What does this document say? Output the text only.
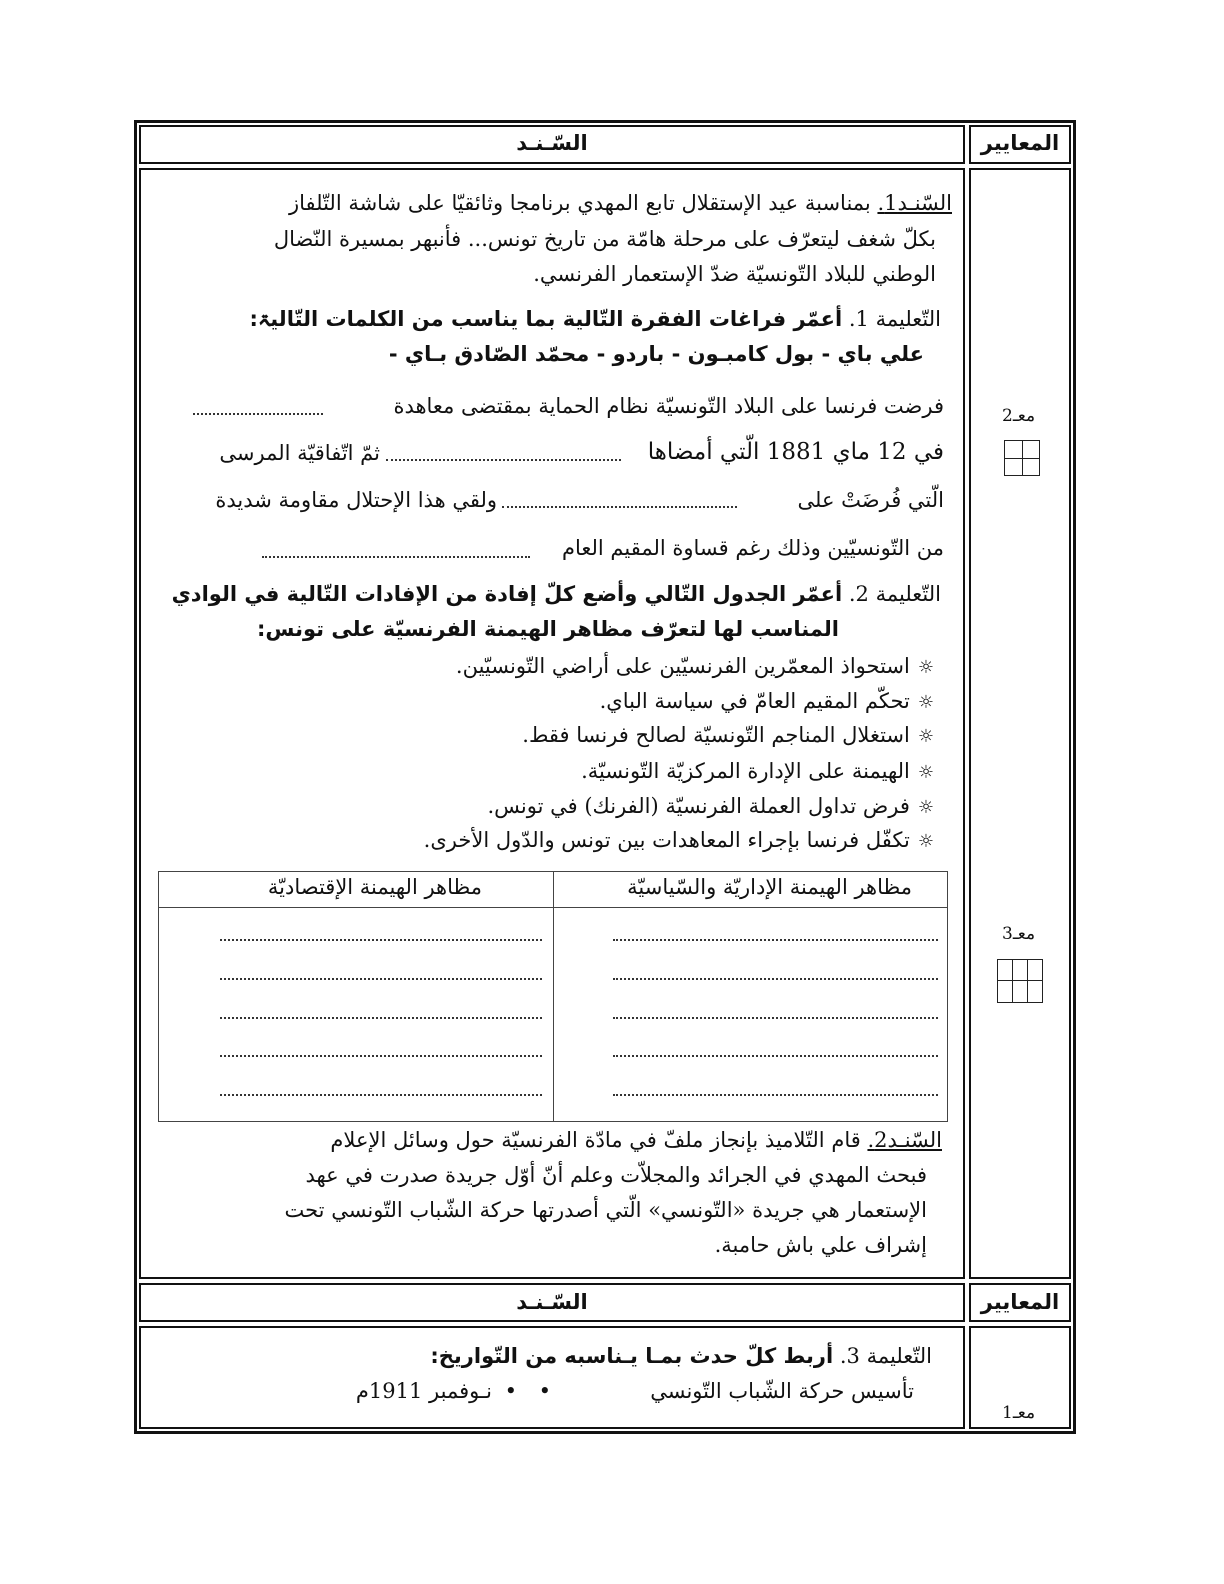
المعايير
السّـنـد
السّنـد1. بمناسبة عيد الإستقلال تابع المهدي برنامجا وثائقيّا على شاشة التّلفاز
بكلّ شغف ليتعرّف على مرحلة هامّة من تاريخ تونس... فأنبهر بمسيرة النّضال
الوطني للبلاد التّونسيّة ضدّ الإستعمار الفرنسي.
التّعليمة 1. أعمّر فراغات الفقرة التّالية بما يناسب من الكلمات التّاليۃ:
علي باي - بول كامبـون - باردو - محمّد الصّادق بـاي -
فرضت فرنسا على البلاد التّونسيّة نظام الحماية بمقتضى معاهدة
في 12 ماي 1881 الّتي أمضاها
ثمّ اتّفاقيّة المرسى
الّتي فُرضَتْ على
ولقي هذا الإحتلال مقاومة شديدة
من التّونسيّين وذلك رغم قساوة المقيم العام
التّعليمة 2. أعمّر الجدول التّالي وأضع كلّ إفادة من الإفادات التّالية في الوادي
المناسب لها لتعرّف مظاهر الهيمنة الفرنسيّة على تونس:
☼استحواذ المعمّرين الفرنسيّين على أراضي التّونسيّين.
☼تحكّم المقيم العامّ في سياسة الباي.
☼استغلال المناجم التّونسيّة لصالح فرنسا فقط.
☼الهيمنة على الإدارة المركزيّة التّونسيّة.
☼فرض تداول العملة الفرنسيّة (الفرنك) في تونس.
☼تكفّل فرنسا بإجراء المعاهدات بين تونس والدّول الأخرى.
مظاهر الهيمنة الإداريّة والسّياسيّة
مظاهر الهيمنة الإقتصاديّة
السّنـد2. قام التّلاميذ بإنجاز ملفّ في مادّة الفرنسيّة حول وسائل الإعلام
فبحث المهدي في الجرائد والمجلاّت وعلم أنّ أوّل جريدة صدرت في عهد
الإستعمار هي جريدة «التّونسي» الّتي أصدرتها حركة الشّباب التّونسي تحت
إشراف علي باش حامبة.
معـ2
معـ3
المعايير
السّـنـد
التّعليمة 3. أربط كلّ حدث بمـا يـناسبه من التّواريخ:
تأسيس حركة الشّباب التّونسي
•
•
نـوفمبر 1911م
معـ1
